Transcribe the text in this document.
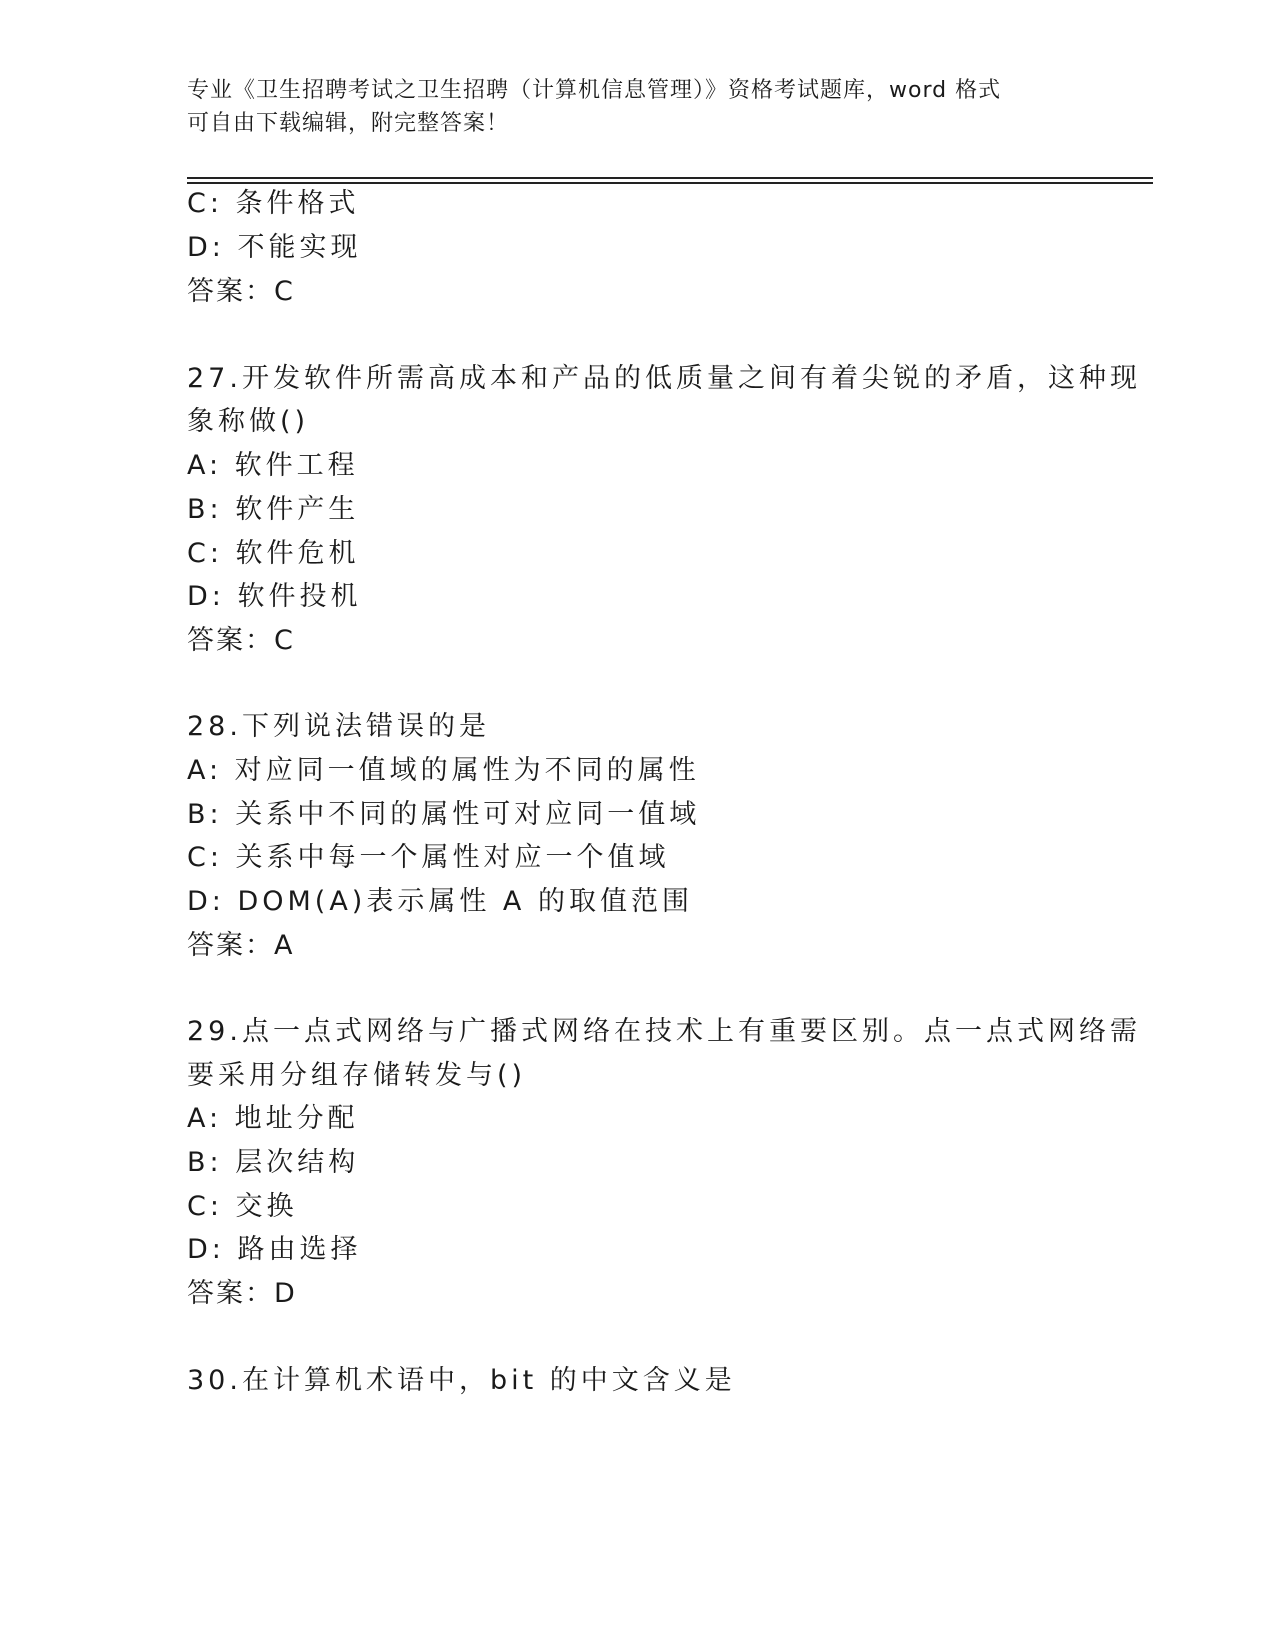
专业《卫生招聘考试之卫生招聘（计算机信息管理）》资格考试题库，word 格式
可自由下载编辑，附完整答案！
C: 条件格式
D: 不能实现
答案：C
27.开发软件所需高成本和产品的低质量之间有着尖锐的矛盾，这种现
象称做()
A: 软件工程
B: 软件产生
C: 软件危机
D: 软件投机
答案：C
28.下列说法错误的是
A: 对应同一值域的属性为不同的属性
B: 关系中不同的属性可对应同一值域
C: 关系中每一个属性对应一个值域
D: DOM(A)表示属性 A 的取值范围
答案：A
29.点一点式网络与广播式网络在技术上有重要区别。点一点式网络需
要采用分组存储转发与()
A: 地址分配
B: 层次结构
C: 交换
D: 路由选择
答案：D
30.在计算机术语中，bit 的中文含义是
